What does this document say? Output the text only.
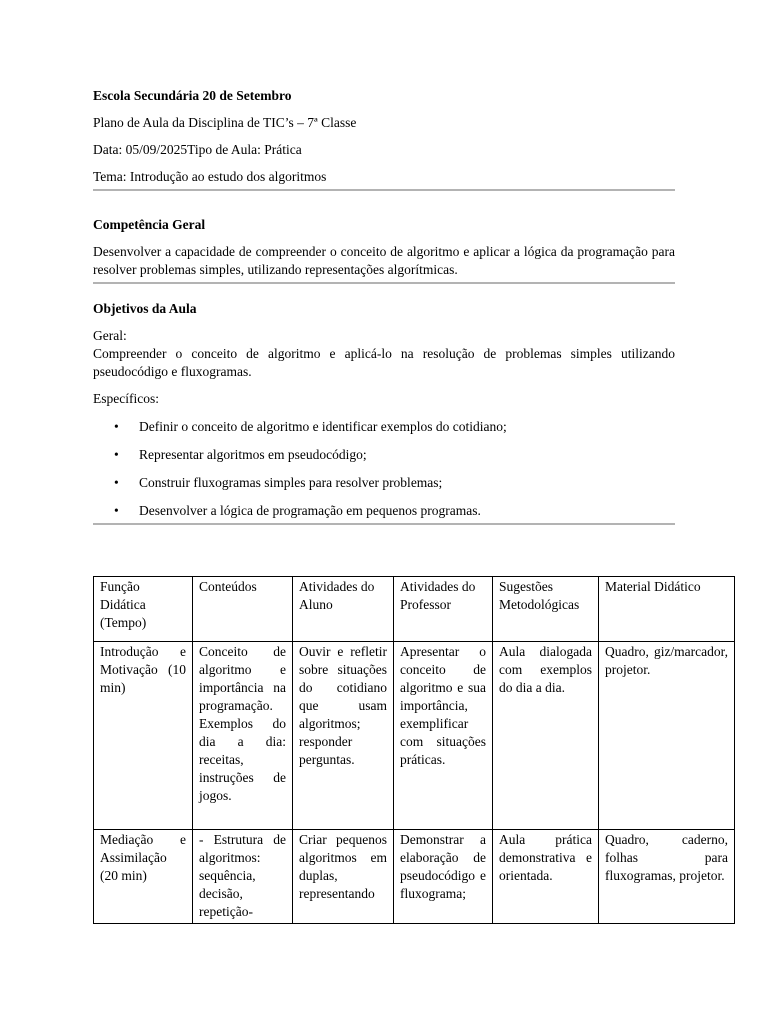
Escola Secundária 20 de Setembro

Plano de Aula da Disciplina de TIC’s – 7ª Classe

Data: 05/09/2025Tipo de Aula: Prática

Tema: Introdução ao estudo dos algoritmos

Competência Geral

Desenvolver a capacidade de compreender o conceito de algoritmo e aplicar a lógica da programação para resolver problemas simples, utilizando representações algorítmicas.

Objetivos da Aula

Geral:

Compreender o conceito de algoritmo e aplicá-lo na resolução de problemas simples utilizando pseudocódigo e fluxogramas.

Específicos:

• Definir o conceito de algoritmo e identificar exemplos do cotidiano;
• Representar algoritmos em pseudocódigo;
• Construir fluxogramas simples para resolver problemas;
• Desenvolver a lógica de programação em pequenos programas.
Função Didática (Tempo)	Conteúdos	Atividades do Aluno	Atividades do Professor	Sugestões Metodológicas	Material Didático
Introdução e Motivação (10 min)	Conceito de algoritmo e importância na programação. Exemplos do dia a dia: receitas, instruções de jogos.	Ouvir e refletir sobre situações do cotidiano que usam algoritmos; responder perguntas.	Apresentar o conceito de algoritmo e sua importância, exemplificar com situações práticas.	Aula dialogada com exemplos do dia a dia.	Quadro, giz/marcador, projetor.

Mediação e Assimilação (20 min)	- Estrutura de algoritmos: sequência, decisão, repetição-	Criar pequenos algoritmos em duplas, representando	Demonstrar a elaboração de pseudocódigo e fluxograma;	Aula prática demonstrativa e orientada.	Quadro, caderno, folhas para fluxogramas, projetor.
